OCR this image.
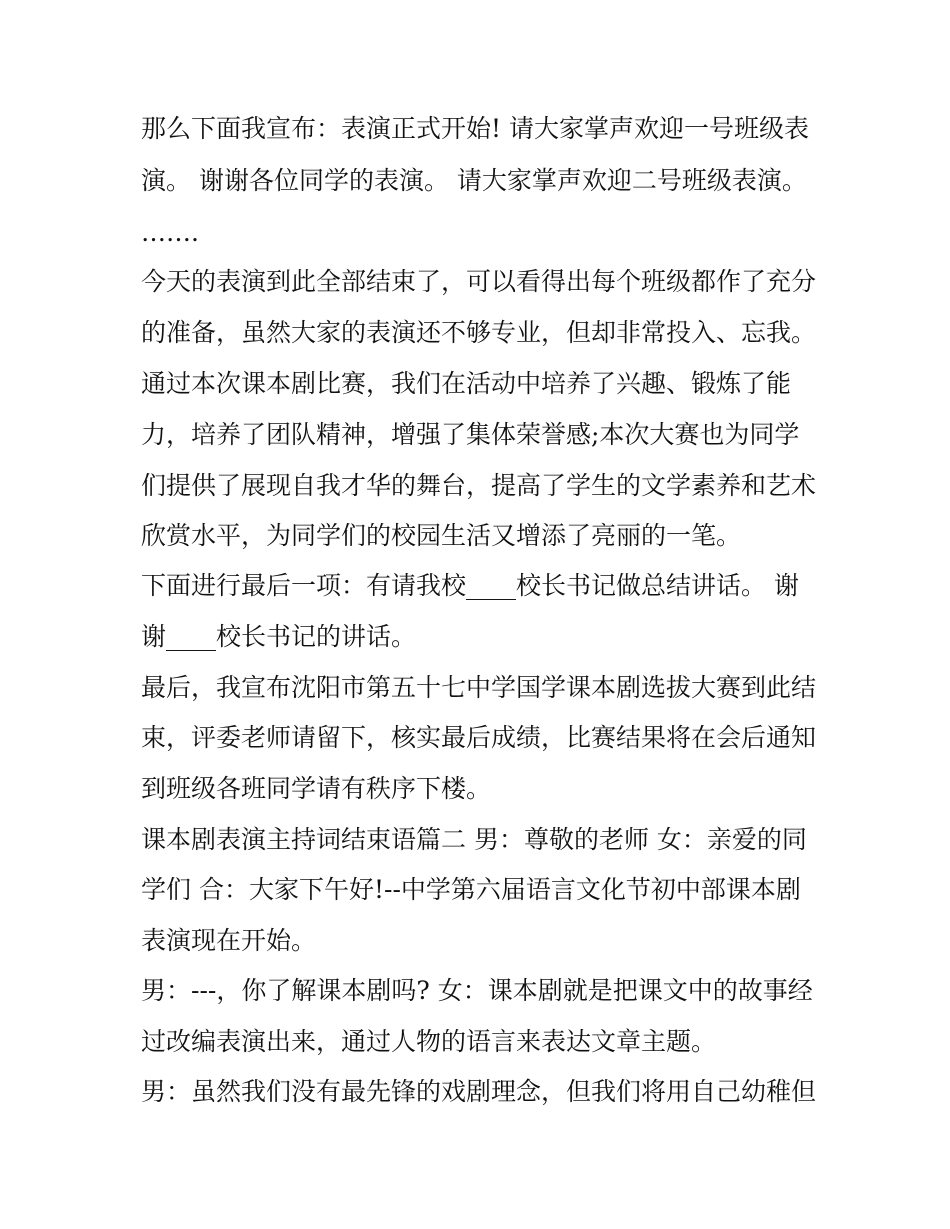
那么下面我宣布：表演正式开始! 请大家掌声欢迎一号班级表
演。 谢谢各位同学的表演。 请大家掌声欢迎二号班级表演。
…….
今天的表演到此全部结束了，可以看得出每个班级都作了充分
的准备，虽然大家的表演还不够专业，但却非常投入、忘我。
通过本次课本剧比赛，我们在活动中培养了兴趣、锻炼了能
力，培养了团队精神，增强了集体荣誉感;本次大赛也为同学
们提供了展现自我才华的舞台，提高了学生的文学素养和艺术
欣赏水平，为同学们的校园生活又增添了亮丽的一笔。
下面进行最后一项：有请我校____校长书记做总结讲话。 谢
谢____校长书记的讲话。
最后，我宣布沈阳市第五十七中学国学课本剧选拔大赛到此结
束，评委老师请留下，核实最后成绩，比赛结果将在会后通知
到班级各班同学请有秩序下楼。
课本剧表演主持词结束语篇二 男：尊敬的老师 女：亲爱的同
学们 合：大家下午好!--中学第六届语言文化节初中部课本剧
表演现在开始。
男：---，你了解课本剧吗? 女：课本剧就是把课文中的故事经
过改编表演出来，通过人物的语言来表达文章主题。
男：虽然我们没有最先锋的戏剧理念，但我们将用自己幼稚但
